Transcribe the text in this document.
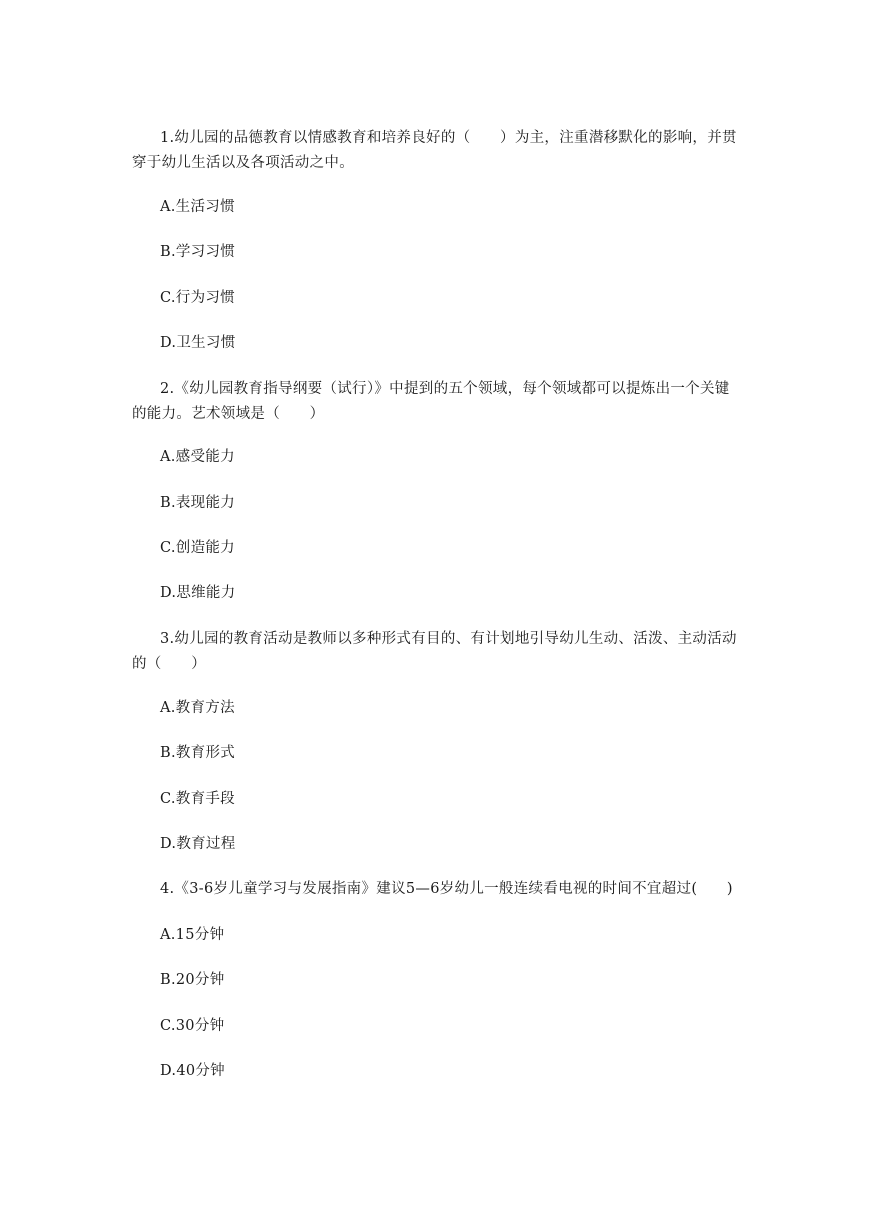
1.幼儿园的品德教育以情感教育和培养良好的（　　）为主，注重潜移默化的影响，并贯穿于幼儿生活以及各项活动之中。

A.生活习惯

B.学习习惯

C.行为习惯

D.卫生习惯

2.《幼儿园教育指导纲要（试行）》中提到的五个领域，每个领域都可以提炼出一个关键的能力。艺术领域是（　　）

A.感受能力

B.表现能力

C.创造能力

D.思维能力

3.幼儿园的教育活动是教师以多种形式有目的、有计划地引导幼儿生动、活泼、主动活动的（　　）

A.教育方法

B.教育形式

C.教育手段

D.教育过程

4.《3-6岁儿童学习与发展指南》建议5—6岁幼儿一般连续看电视的时间不宜超过(　　)

A.15分钟

B.20分钟

C.30分钟

D.40分钟
